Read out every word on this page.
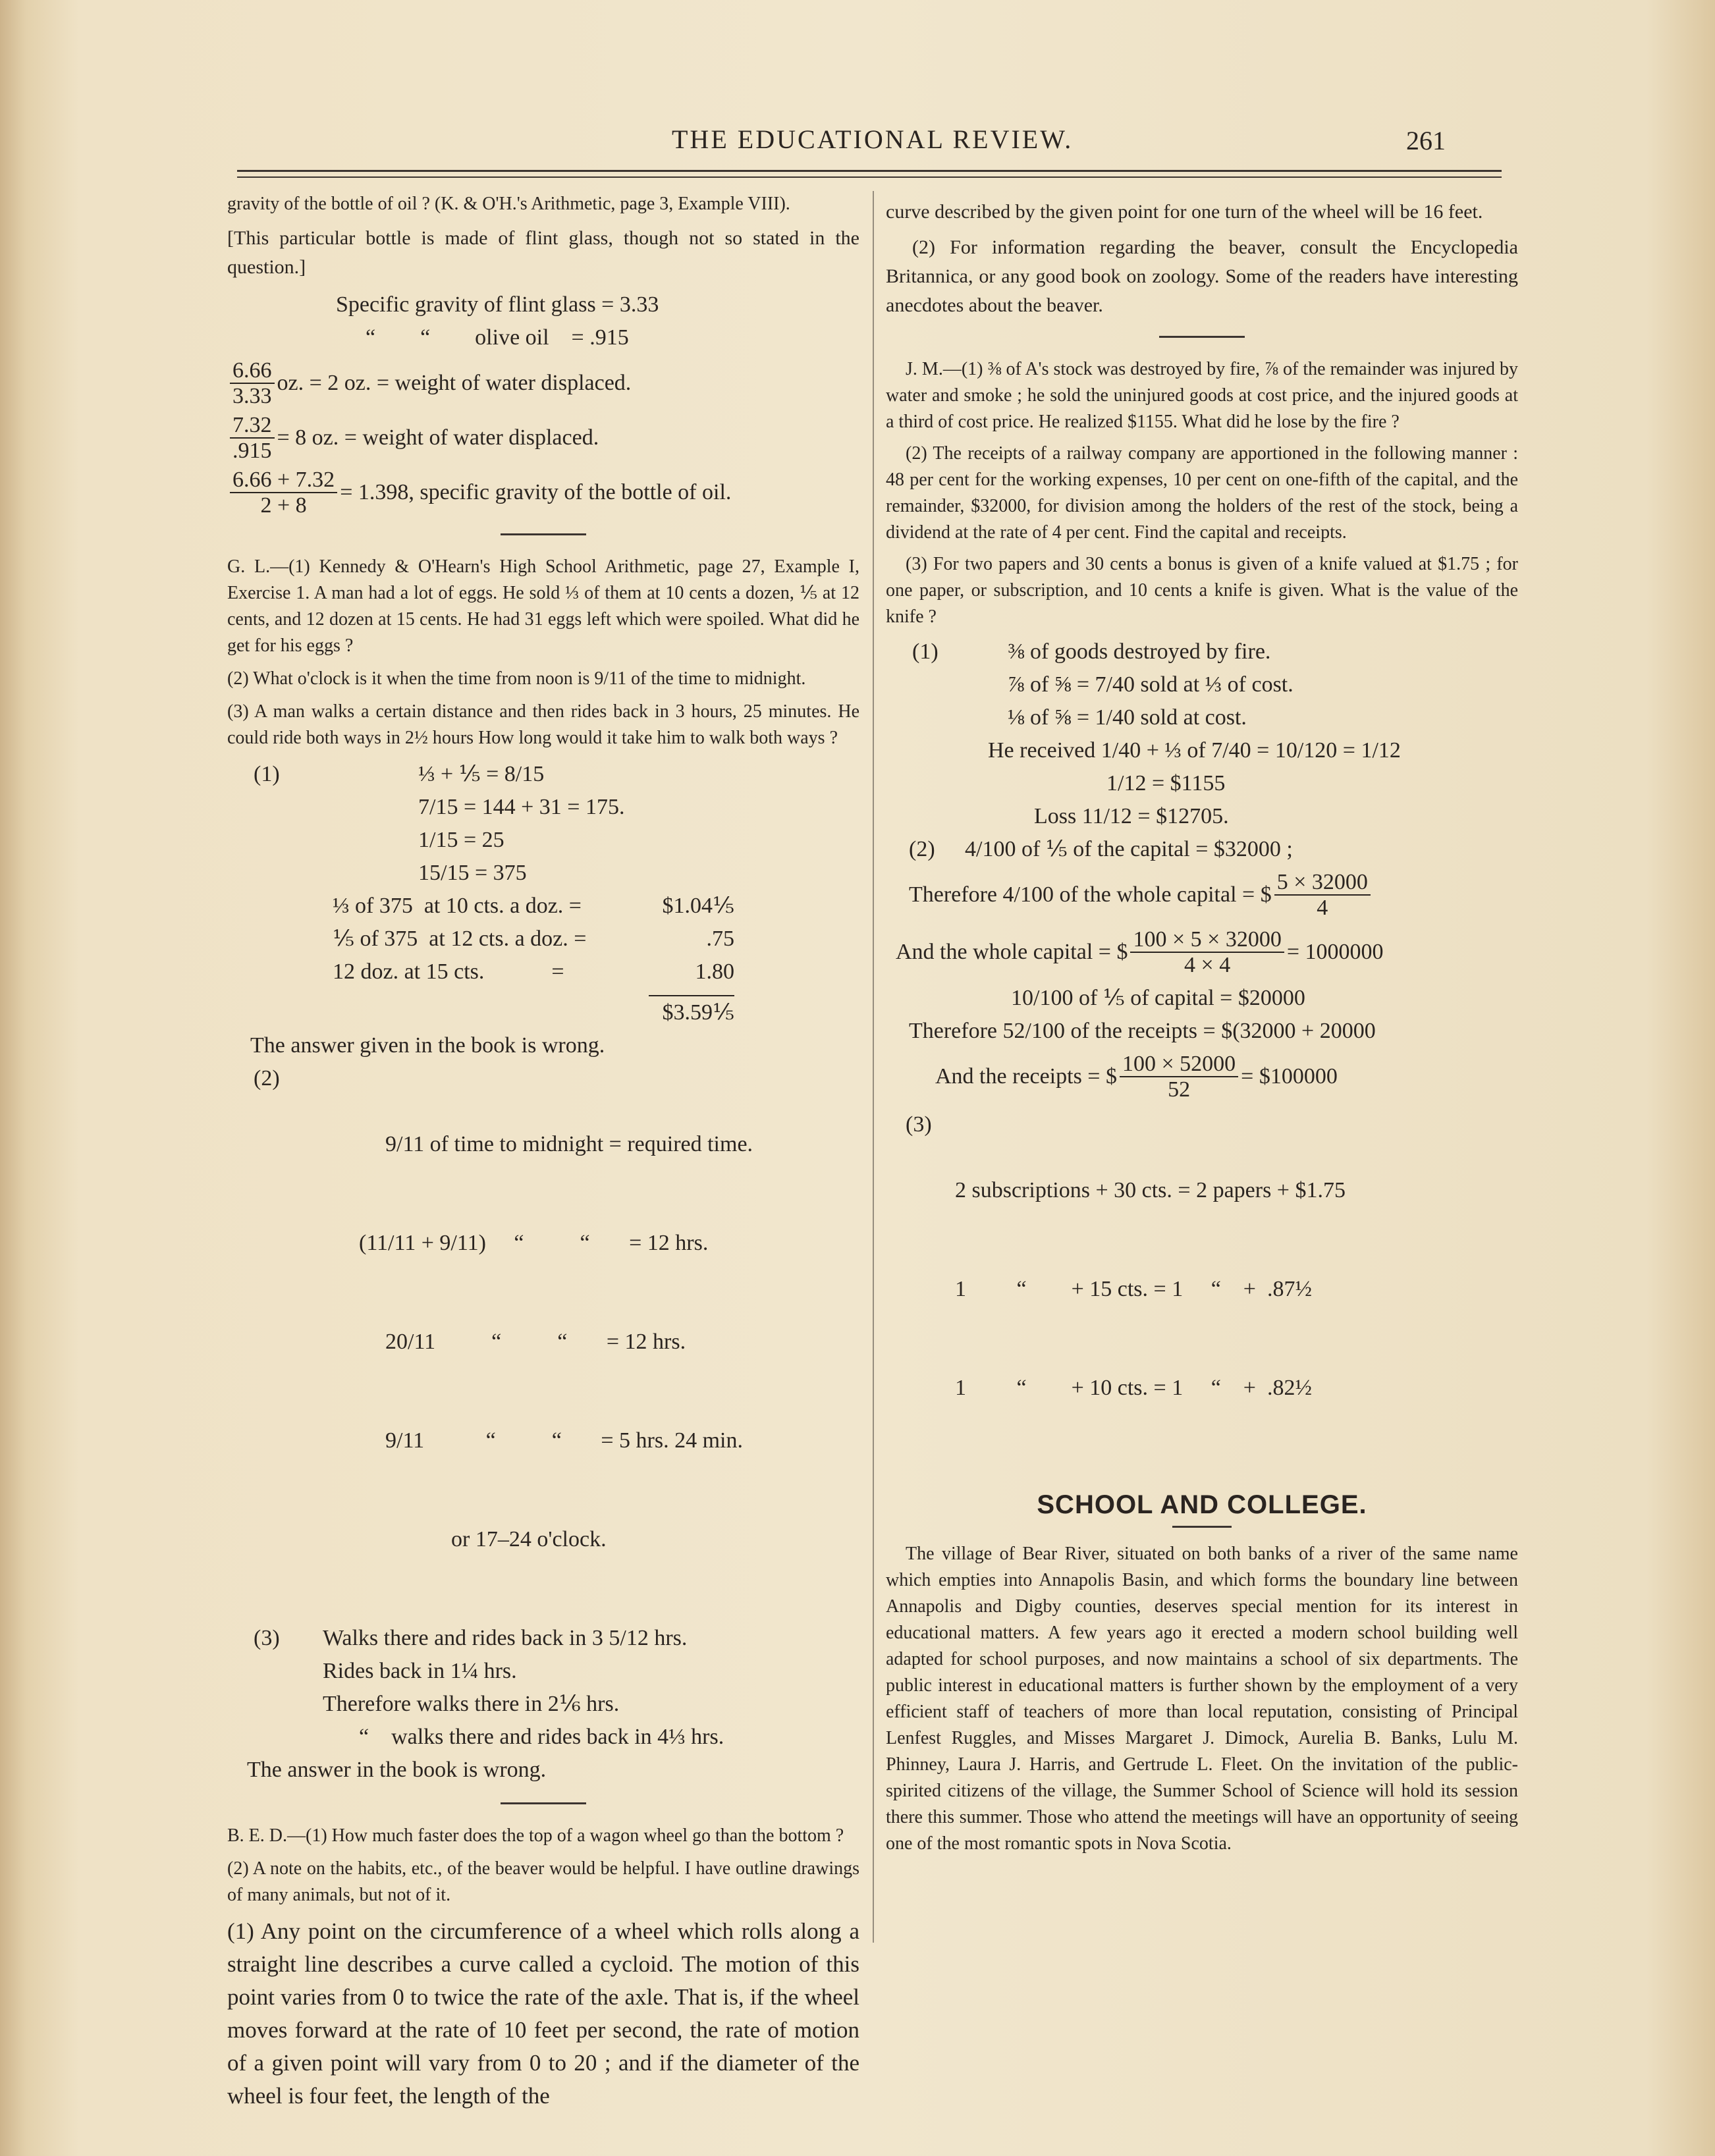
THE EDUCATIONAL REVIEW.	261

gravity of the bottle of oil ? (K. & O'H.'s Arithmetic, page 3, Example VIII).

[This particular bottle is made of flint glass, though not so stated in the question.]

Specific gravity of flint glass = 3.33
“        “        olive oil    = .915
$\frac{6.66}{3.33}$ oz. = 2 oz. = weight of water displaced.
$\frac{7.32}{.915} = 8$ oz. = weight of water displaced.
$\frac{6.66 + 7.32}{2 + 8} = 1.398$, specific gravity of the bottle of oil.

G. L.—(1) Kennedy & O'Hearn's High School Arithmetic, page 27, Example I, Exercise 1. A man had a lot of eggs. He sold ⅓ of them at 10 cents a dozen, ⅕ at 12 cents, and 12 dozen at 15 cents. He had 31 eggs left which were spoiled. What did he get for his eggs ?

(2) What o'clock is it when the time from noon is 9/11 of the time to midnight.

(3) A man walks a certain distance and then rides back in 3 hours, 25 minutes. He could ride both ways in 2½ hours How long would it take him to walk both ways ?

(1)	⅓ + ⅕ = 8/15
7/15 = 144 + 31 = 175.
1/15 = 25
15/15 = 375
⅓ of 375  at 10 cts. a doz. =	$1.04⅕
⅕ of 375  at 12 cts. a doz. =	.75
12 doz. at 15 cts.            =	1.80
$3.59⅕
The answer given in the book is wrong.
(2)

9/11 of time to midnight = required time.

(11/11 + 9/11)     “          “       = 12 hrs.

20/11          “          “       = 12 hrs.

9/11           “          “       = 5 hrs. 24 min.

or 17–24 o'clock.

(3) Walks there and rides back in 3 5/12 hrs.
Rides back in 1¼ hrs.
Therefore walks there in 2⅙ hrs.
“    walks there and rides back in 4⅓ hrs.
The answer in the book is wrong.

B. E. D.—(1) How much faster does the top of a wagon wheel go than the bottom ?

(2) A note on the habits, etc., of the beaver would be helpful. I have outline drawings of many animals, but not of it.

(1) Any point on the circumference of a wheel which rolls along a straight line describes a curve called a cycloid. The motion of this point varies from 0 to twice the rate of the axle. That is, if the wheel moves forward at the rate of 10 feet per second, the rate of motion of a given point will vary from 0 to 20 ; and if the diameter of the wheel is four feet, the length of the

curve described by the given point for one turn of the wheel will be 16 feet.

(2) For information regarding the beaver, consult the Encyclopedia Britannica, or any good book on zoology. Some of the readers have interesting anecdotes about the beaver.

J. M.—(1) ⅜ of A's stock was destroyed by fire, ⅞ of the remainder was injured by water and smoke ; he sold the uninjured goods at cost price, and the injured goods at a third of cost price. He realized $1155. What did he lose by the fire ?

(2) The receipts of a railway company are apportioned in the following manner : 48 per cent for the working expenses, 10 per cent on one-fifth of the capital, and the remainder, $32000, for division among the holders of the rest of the stock, being a dividend at the rate of 4 per cent. Find the capital and receipts.

(3) For two papers and 30 cents a bonus is given of a knife valued at $1.75 ; for one paper, or subscription, and 10 cents a knife is given. What is the value of the knife ?

(1)	⅜ of goods destroyed by fire.
⅞ of ⅝ = 7/40 sold at ⅓ of cost.
⅛ of ⅝ = 1/40 sold at cost.
He received 1/40 + ⅓ of 7/40 = 10/120 = 1/12
1/12 = $1155
Loss 11/12 = $12705.
(2)	4/100 of ⅕ of the capital = $32000 ;
Therefore 4/100 of the whole capital = $ $\frac{5 \times 32000}{4}$
And the whole capital = $ $\frac{100 \times 5 \times 32000}{4 \times 4} = 1000000$
10/100 of ⅕ of capital = $20000
Therefore 52/100 of the receipts = $(32000 + 20000
And the receipts = $ $\frac{100 \times 52000}{52}$ = $100000
(3)

2 subscriptions + 30 cts. = 2 papers + $1.75

1         “        + 15 cts. = 1     “    +  .87½

1         “        + 10 cts. = 1     “    +  .82½

SCHOOL AND COLLEGE.

The village of Bear River, situated on both banks of a river of the same name which empties into Annapolis Basin, and which forms the boundary line between Annapolis and Digby counties, deserves special mention for its interest in educational matters. A few years ago it erected a modern school building well adapted for school purposes, and now maintains a school of six departments. The public interest in educational matters is further shown by the employment of a very efficient staff of teachers of more than local reputation, consisting of Principal Lenfest Ruggles, and Misses Margaret J. Dimock, Aurelia B. Banks, Lulu M. Phinney, Laura J. Harris, and Gertrude L. Fleet. On the invitation of the public-spirited citizens of the village, the Summer School of Science will hold its session there this summer. Those who attend the meetings will have an opportunity of seeing one of the most romantic spots in Nova Scotia.
